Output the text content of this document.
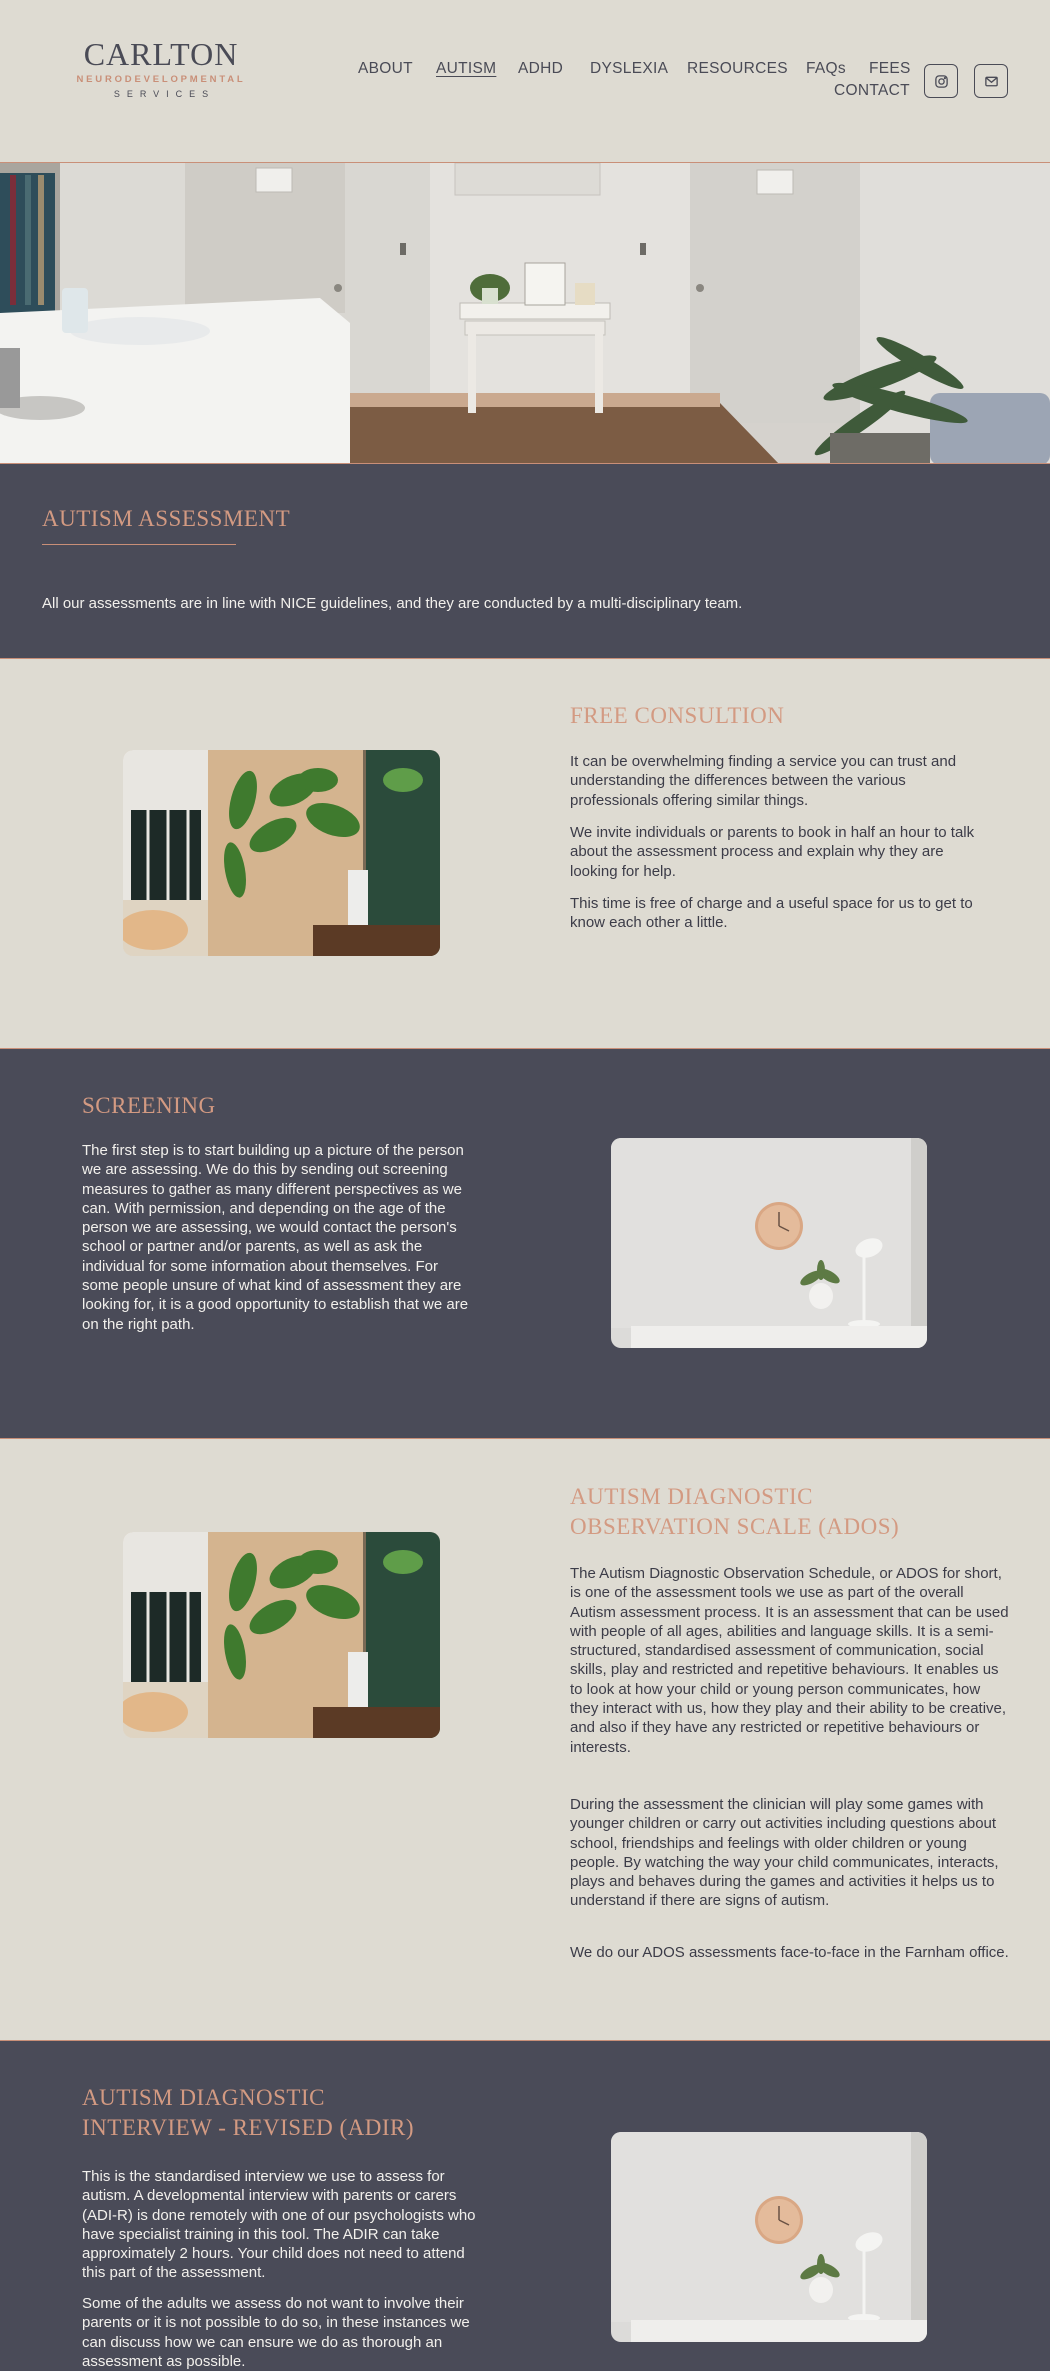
CARLTON
NEURODEVELOPMENTAL
SERVICES
ABOUT AUTISM ADHD DYSLEXIA RESOURCES FAQs FEES
CONTACT
AUTISM ASSESSMENT
All our assessments are in line with NICE guidelines, and they are conducted by a multi-disciplinary team.
FREE CONSULTION
It can be overwhelming finding a service you can trust and understanding the differences between the various professionals offering similar things.
We invite individuals or parents to book in half an hour to talk about the assessment process and explain why they are looking for help.
This time is free of charge and a useful space for us to get to know each other a little.
SCREENING
The first step is to start building up a picture of the person we are assessing. We do this by sending out screening measures to gather as many different perspectives as we can. With permission, and depending on the age of the person we are assessing, we would contact the person's school or partner and/or parents, as well as ask the individual for some information about themselves. For some people unsure of what kind of assessment they are looking for, it is a good opportunity to establish that we are on the right path.
AUTISM DIAGNOSTIC
OBSERVATION SCALE (ADOS)
The Autism Diagnostic Observation Schedule, or ADOS for short, is one of the assessment tools we use as part of the overall Autism assessment process. It is an assessment that can be used with people of all ages, abilities and language skills. It is a semi-structured, standardised assessment of communication, social skills, play and restricted and repetitive behaviours. It enables us to look at how your child or young person communicates, how they interact with us, how they play and their ability to be creative, and also if they have any restricted or repetitive behaviours or interests.
During the assessment the clinician will play some games with younger children or carry out activities including questions about school, friendships and feelings with older children or young people. By watching the way your child communicates, interacts, plays and behaves during the games and activities it helps us to understand if there are signs of autism.
We do our ADOS assessments face-to-face in the Farnham office.
AUTISM DIAGNOSTIC
INTERVIEW - REVISED (ADIR)
This is the standardised interview we use to assess for autism. A developmental interview with parents or carers (ADI-R) is done remotely with one of our psychologists who have specialist training in this tool. The ADIR can take approximately 2 hours. Your child does not need to attend this part of the assessment.
Some of the adults we assess do not want to involve their parents or it is not possible to do so, in these instances we can discuss how we can ensure we do as thorough an assessment as possible.
